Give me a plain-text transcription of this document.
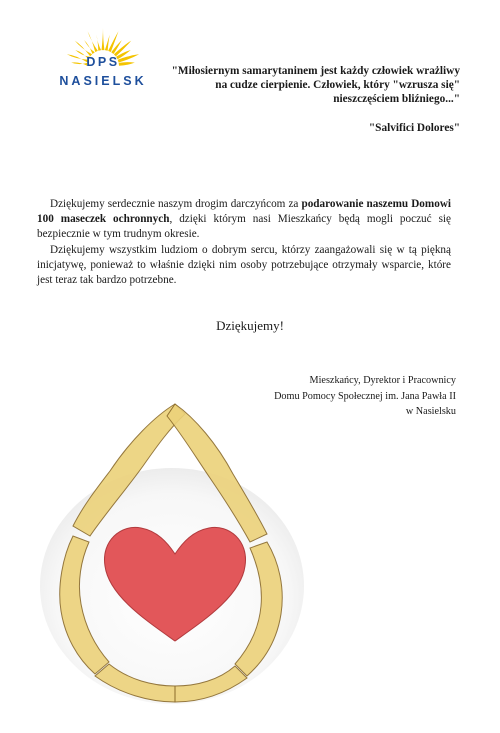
DPS
NASIELSK
"Miłosiernym samarytaninem jest każdy człowiek wrażliwy
na cudze cierpienie. Człowiek, który "wzrusza się"
nieszczęściem bliźniego..."
"Salvifici Dolores"

Dziękujemy serdecznie naszym drogim darczyńcom za podarowanie naszemu Domowi 100 maseczek ochronnych, dzięki którym nasi Mieszkańcy będą mogli poczuć się bezpiecznie w tym trudnym okresie.

Dziękujemy wszystkim ludziom o dobrym sercu, którzy zaangażowali się w tą piękną inicjatywę, ponieważ to właśnie dzięki nim osoby potrzebujące otrzymały wsparcie, które jest teraz tak bardzo potrzebne.

Dziękujemy!
Mieszkańcy, Dyrektor i Pracownicy
Domu Pomocy Społecznej im. Jana Pawła II
w Nasielsku
